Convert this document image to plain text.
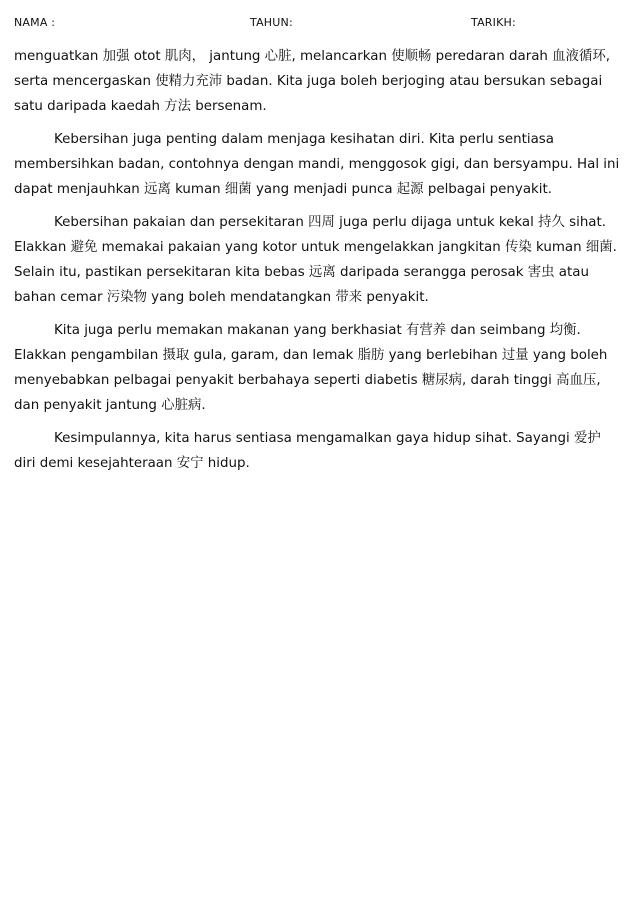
NAMA :	TAHUN:	TARIKH:

menguatkan 加强 otot 肌肉， jantung 心脏, melancarkan 使顺畅 peredaran darah 血液循环, serta mencergaskan 使精力充沛 badan. Kita juga boleh berjoging atau bersukan sebagai satu daripada kaedah 方法 bersenam.

Kebersihan juga penting dalam menjaga kesihatan diri. Kita perlu sentiasa membersihkan badan, contohnya dengan mandi, menggosok gigi, dan bersyampu. Hal ini dapat menjauhkan 远离 kuman 细菌 yang menjadi punca 起源 pelbagai penyakit.

Kebersihan pakaian dan persekitaran 四周 juga perlu dijaga untuk kekal 持久 sihat. Elakkan 避免 memakai pakaian yang kotor untuk mengelakkan jangkitan 传染 kuman 细菌. Selain itu, pastikan persekitaran kita bebas 远离 daripada serangga perosak 害虫 atau bahan cemar 污染物 yang boleh mendatangkan 带来 penyakit.

Kita juga perlu memakan makanan yang berkhasiat 有营养 dan seimbang 均衡. Elakkan pengambilan 摄取 gula, garam, dan lemak 脂肪 yang berlebihan 过量 yang boleh menyebabkan pelbagai penyakit berbahaya seperti diabetis 糖尿病, darah tinggi 高血压, dan penyakit jantung 心脏病.

Kesimpulannya, kita harus sentiasa mengamalkan gaya hidup sihat. Sayangi 爱护 diri demi kesejahteraan 安宁 hidup.
